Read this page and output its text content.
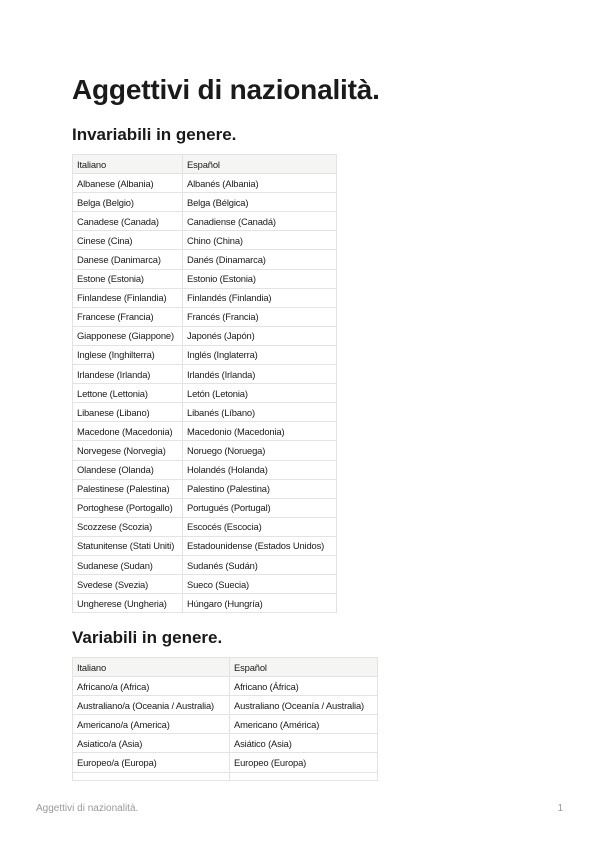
Aggettivi di nazionalità.
Invariabili in genere.
Italiano	Español
Albanese (Albania)	Albanés (Albania)
Belga (Belgio)	Belga (Bélgica)
Canadese (Canada)	Canadiense (Canadá)
Cinese (Cina)	Chino (China)
Danese (Danimarca)	Danés (Dinamarca)
Estone (Estonia)	Estonio (Estonia)
Finlandese (Finlandia)	Finlandés (Finlandia)
Francese (Francia)	Francés (Francia)
Giapponese (Giappone)	Japonés (Japón)
Inglese (Inghilterra)	Inglés (Inglaterra)
Irlandese (Irlanda)	Irlandés (Irlanda)
Lettone (Lettonia)	Letón (Letonia)
Libanese (Libano)	Libanés (Líbano)
Macedone (Macedonia)	Macedonio (Macedonia)
Norvegese (Norvegia)	Noruego (Noruega)
Olandese (Olanda)	Holandés (Holanda)
Palestinese (Palestina)	Palestino (Palestina)
Portoghese (Portogallo)	Portugués (Portugal)
Scozzese (Scozia)	Escocés (Escocia)
Statunitense (Stati Uniti)	Estadounidense (Estados Unidos)
Sudanese (Sudan)	Sudanés (Sudán)
Svedese (Svezia)	Sueco (Suecia)
Ungherese (Ungheria)	Húngaro (Hungría)
Variabili in genere.
Italiano	Español
Africano/a (Africa)	Africano (África)
Australiano/a (Oceania / Australia)	Australiano (Oceanía / Australia)
Americano/a (America)	Americano (América)
Asiatico/a (Asia)	Asiático (Asia)
Europeo/a (Europa)	Europeo (Europa)

Aggettivi di nazionalità.	1
